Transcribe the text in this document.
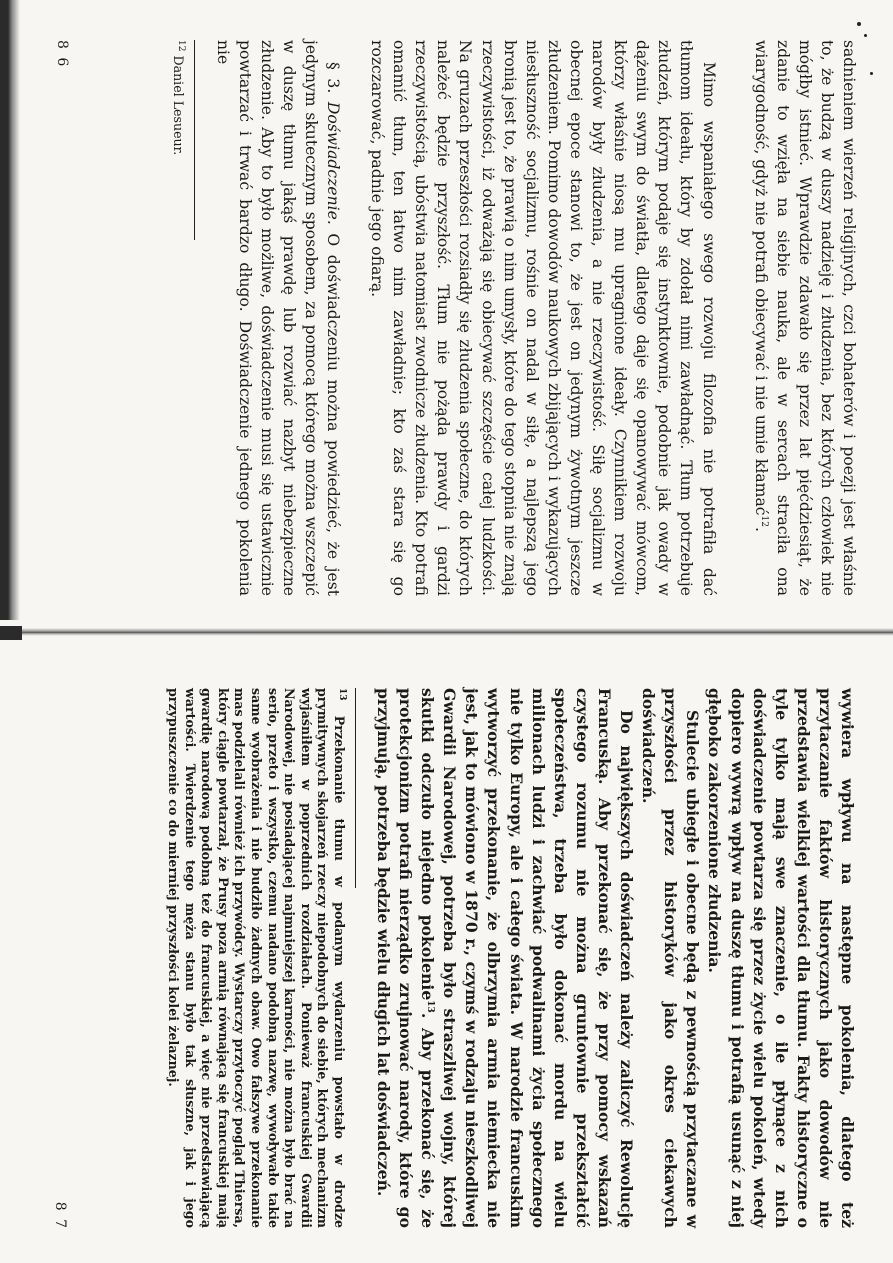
sadnieniem wierzeń religijnych, czci bohaterów i poezji jest właśnie to, że budzą w duszy nadzieję i złudzenia, bez których człowiek nie mógłby istnieć. Wprawdzie zdawało się przez lat pięćdziesiąt, że zdanie to wzięła na siebie nauka, ale w sercach straciła ona wiarygodność, gdyż nie potrafi obiecywać i nie umie kłamać$^{12}$.

Mimo wspaniałego swego rozwoju filozofia nie potrafiła dać tłumom ideału, który by zdołał nimi zawładnąć. Tłum potrzebuje złudzeń, którym podaje się instynktownie, podobnie jak owady w dążeniu swym do światła, dlatego daje się opanowywać mówcom, którzy właśnie niosą mu upragnione ideały. Czynnikiem rozwoju narodów były złudzenia, a nie rzeczywistość. Siłę socjalizmu w obecnej epoce stanowi to, że jest on jedynym żywotnym jeszcze złudzeniem. Pomimo dowodów naukowych zbijających i wykazujących niesłuszność socjalizmu, rośnie on nadal w siłę, a najlepszą jego bronią jest to, że prawią o nim umysły, które do tego stopnia nie znają rzeczywistości, iż odważają się obiecywać szczęście całej ludzkości. Na gruzach przeszłości rozsiadły się złudzenia społeczne, do których należeć będzie przyszłość. Tłum nie pożąda prawdy i gardzi rzeczywistością, ubóstwia natomiast zwodnicze złudzenia. Kto potrafi omamić tłum, ten łatwo nim zawładnie; kto zaś stara się go rozczarować, padnie jego ofiarą.

§ 3. Doświadczenie. O doświadczeniu można powiedzieć, że jest jedynym skutecznym sposobem, za pomocą którego można wszczepić w duszę tłumu jakąś prawdę lub rozwiać nazbyt niebezpieczne złudzenie. Aby to było możliwe, doświadczenie musi się ustawicznie powtarzać i trwać bardzo długo. Doświadczenie jednego pokolenia nie

$^{12}$ Daniel Lesueur.

8 6

wywiera wpływu na następne pokolenia, dlatego też przytaczanie faktów historycznych jako dowodów nie przedstawia wielkiej wartości dla tłumu. Fakty historyczne o tyle tylko mają swe znaczenie, o ile płynące z nich doświadczenie powtarza się przez życie wielu pokoleń, wtedy dopiero wywrą wpływ na duszę tłumu i potrafią usunąć z niej głęboko zakorzenione złudzenia.

Stulecie ubiegłe i obecne będą z pewnością przytaczane w przyszłości przez historyków jako okres ciekawych doświadczeń.

Do największych doświadczeń należy zaliczyć Rewolucję Francuską. Aby przekonać się, że przy pomocy wskazań czystego rozumu nie można gruntownie przekształcić społeczeństwa, trzeba było dokonać mordu na wielu milionach ludzi i zachwiać podwalinami życia społecznego nie tylko Europy, ale i całego świata. W narodzie francuskim wytworzyć przekonanie, że olbrzymia armia niemiecka nie jest, jak to mówiono w 1870 r., czymś w rodzaju nieszkodliwej Gwardii Narodowej, potrzeba było straszliwej wojny, której skutki odczuło niejedno pokolenie$^{13}$. Aby przekonać się, że protekcjonizm potrafi nierządko zrujnować narody, które go przyjmują, potrzeba będzie wielu długich lat doświadczeń.

$^{13}$ Przekonanie tłumu w podanym wydarzeniu powstało w drodze prymitywnych skojarzeń rzeczy niepodobnych do siebie, których mechanizm wyjaśniłem w poprzednich rozdziałach. Ponieważ francuskiej Gwardii Narodowej, nie posiadającej najmniejszej karności, nie można było brać na serio, przeto i wszystko, czemu nadano podobną nazwę, wywoływało takie same wyobrażenia i nie budziło żadnych obaw. Owo fałszywe przekonanie mas podzielali również ich przywódcy. Wystarczy przytoczyć pogląd Thiersa, który ciągle powtarzał, że Prusy poza armią równającą się francuskiej mają gwardię narodową podobną też do francuskiej, a więc nie przedstawiającą wartości. Twierdzenie tego męża stanu było tak słuszne, jak i jego przypuszczenie co do mierniej przyszłości kolei żelaznej.

8 7
